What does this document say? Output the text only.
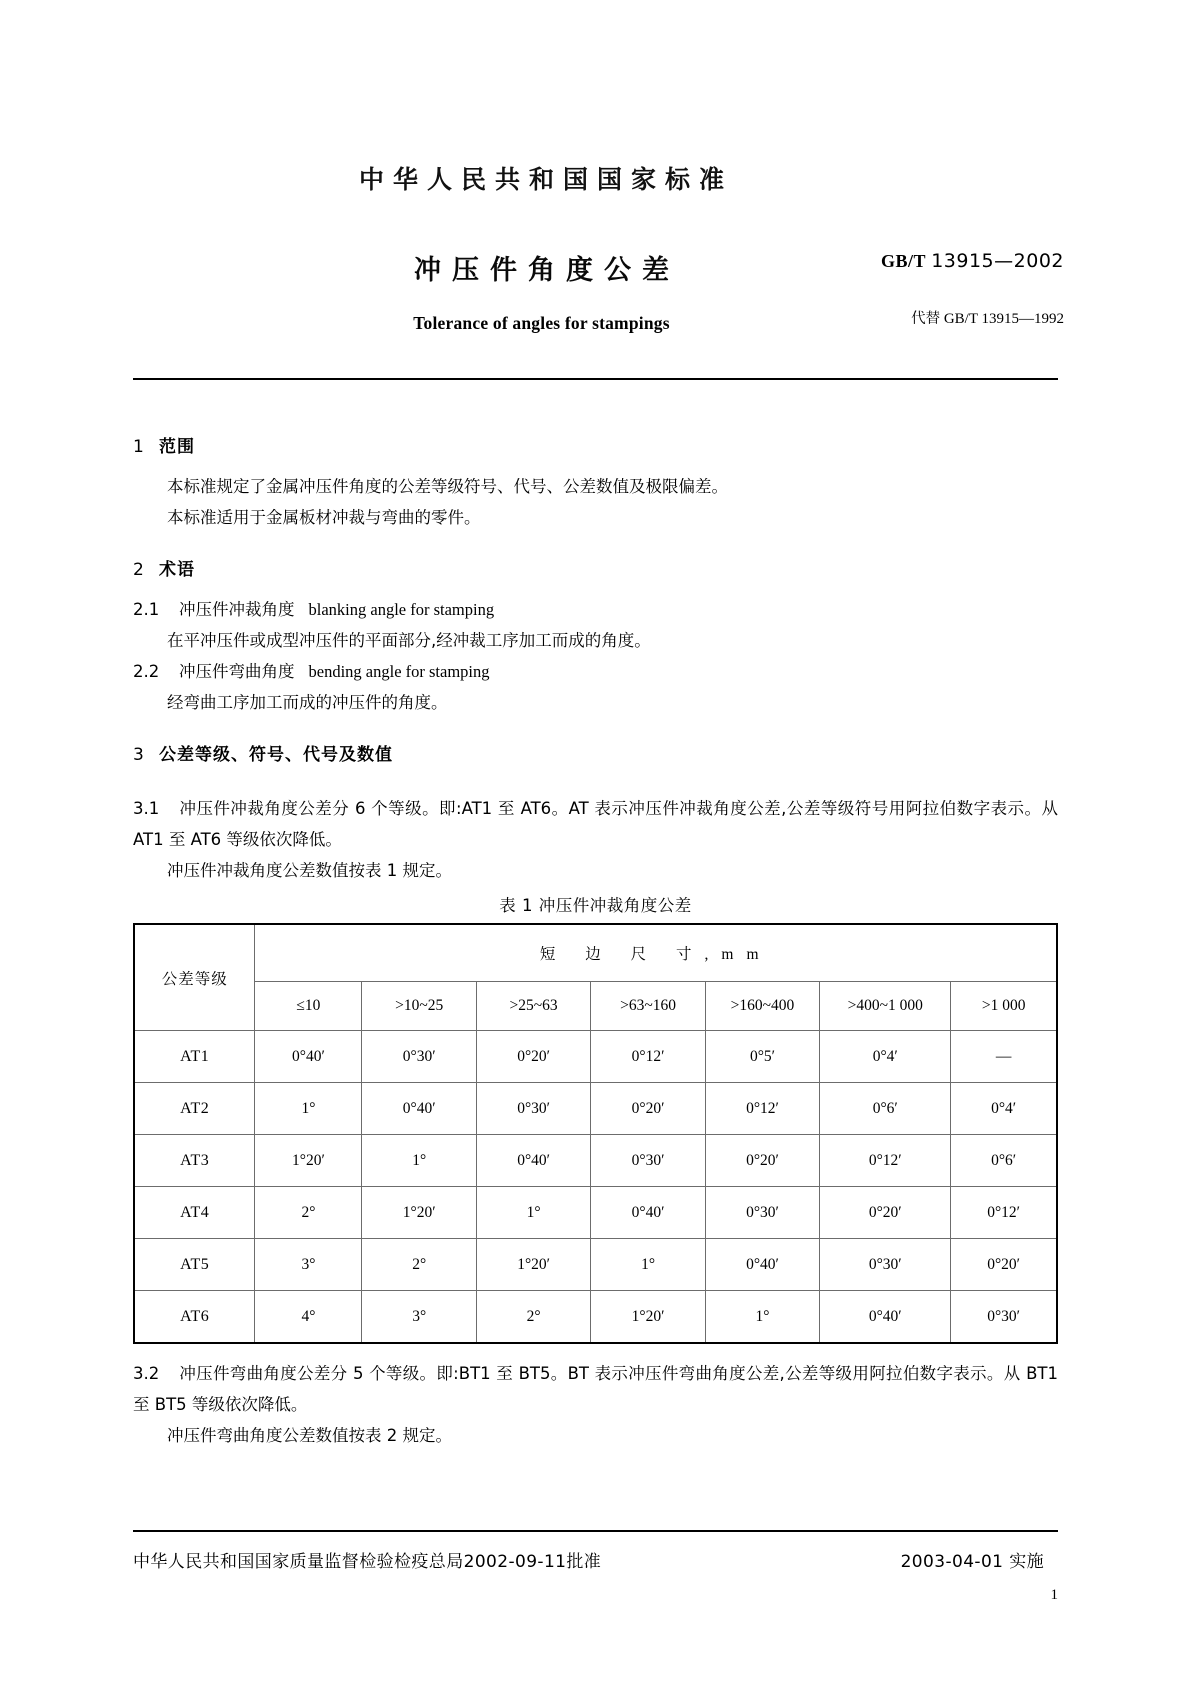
中华人民共和国国家标准
冲压件角度公差
Tolerance of angles for stampings
GB/T 13915—2002
代替 GB/T 13915—1992
1 范围

本标准规定了金属冲压件角度的公差等级符号、代号、公差数值及极限偏差。

本标准适用于金属板材冲裁与弯曲的零件。

2 术语

2.1 冲压件冲裁角度 blanking angle for stamping

在平冲压件或成型冲压件的平面部分,经冲裁工序加工而成的角度。

2.2 冲压件弯曲角度 bending angle for stamping

经弯曲工序加工而成的冲压件的角度。

3 公差等级、符号、代号及数值

3.1 冲压件冲裁角度公差分 6 个等级。即:AT1 至 AT6。AT 表示冲压件冲裁角度公差,公差等级符号用阿拉伯数字表示。从 AT1 至 AT6 等级依次降低。

冲压件冲裁角度公差数值按表 1 规定。

表 1 冲压件冲裁角度公差
公差等级	短 边 尺 寸,mm						
	≤10	>10~25	>25~63	>63~160	>160~400	>400~1 000	>1 000
AT1	0°40′	0°30′	0°20′	0°12′	0°5′	0°4′	—
AT2	1°	0°40′	0°30′	0°20′	0°12′	0°6′	0°4′
AT3	1°20′	1°	0°40′	0°30′	0°20′	0°12′	0°6′
AT4	2°	1°20′	1°	0°40′	0°30′	0°20′	0°12′
AT5	3°	2°	1°20′	1°	0°40′	0°30′	0°20′
AT6	4°	3°	2°	1°20′	1°	0°40′	0°30′

3.2 冲压件弯曲角度公差分 5 个等级。即:BT1 至 BT5。BT 表示冲压件弯曲角度公差,公差等级用阿拉伯数字表示。从 BT1 至 BT5 等级依次降低。

冲压件弯曲角度公差数值按表 2 规定。

中华人民共和国国家质量监督检验检疫总局2002-09-11批准	2003-04-01 实施
1
